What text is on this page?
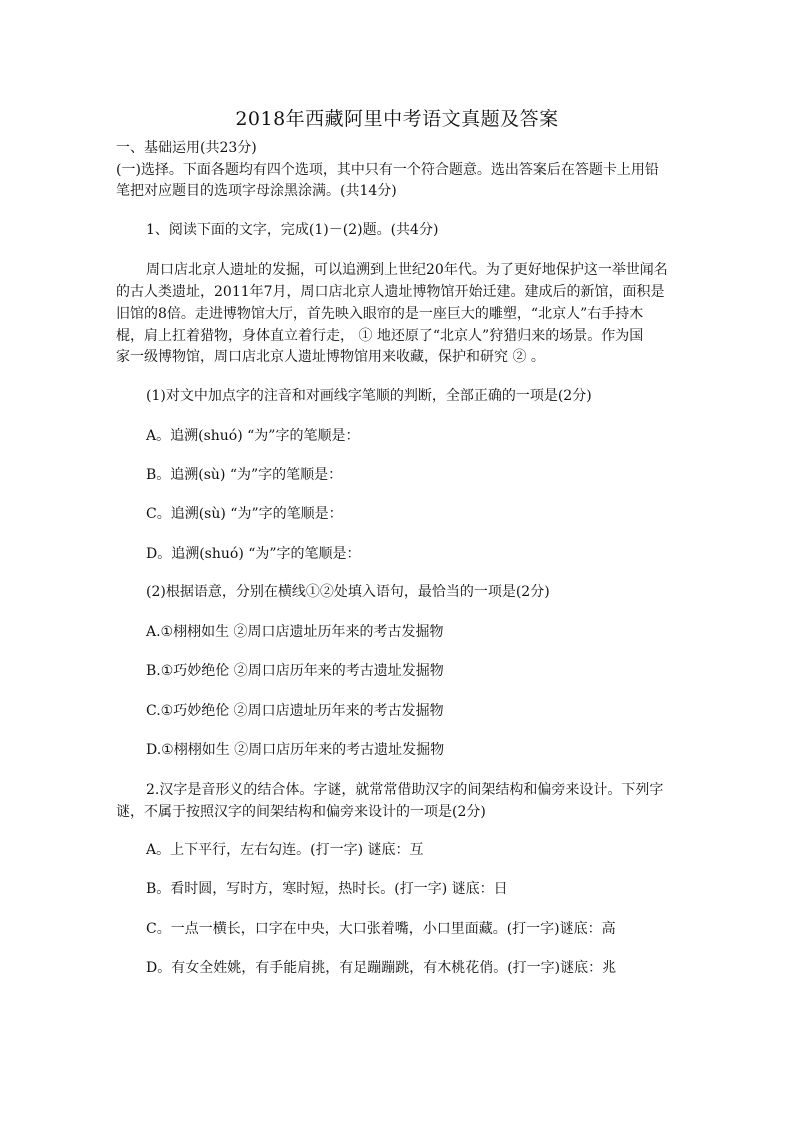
2018年西藏阿里中考语文真题及答案
一、基础运用(共23分)
(一)选择。下面各题均有四个选项，其中只有一个符合题意。选出答案后在答题卡上用铅
笔把对应题目的选项字母涂黑涂满。(共14分)
1、阅读下面的文字，完成(1)－(2)题。(共4分)
周口店北京人遗址的发掘，可以追溯到上世纪20年代。为了更好地保护这一举世闻名
的古人类遗址，2011年7月，周口店北京人遗址博物馆开始迁建。建成后的新馆，面积是
旧馆的8倍。走进博物馆大厅，首先映入眼帘的是一座巨大的雕塑，“北京人”右手持木
棍，肩上扛着猎物，身体直立着行走， ① 地还原了“北京人”狩猎归来的场景。作为国
家一级博物馆，周口店北京人遗址博物馆用来收藏，保护和研究 ② 。
(1)对文中加点字的注音和对画线字笔顺的判断，全部正确的一项是(2分)
A。追溯(shuó) “为”字的笔顺是：
B。追溯(sù) “为”字的笔顺是：
C。追溯(sù) “为”字的笔顺是：
D。追溯(shuó) “为”字的笔顺是：
(2)根据语意，分别在横线①②处填入语句，最恰当的一项是(2分)
A.①栩栩如生 ②周口店遗址历年来的考古发掘物
B.①巧妙绝伦 ②周口店历年来的考古遗址发掘物
C.①巧妙绝伦 ②周口店遗址历年来的考古发掘物
D.①栩栩如生 ②周口店历年来的考古遗址发掘物
2.汉字是音形义的结合体。字谜，就常常借助汉字的间架结构和偏旁来设计。下列字
谜，不属于按照汉字的间架结构和偏旁来设计的一项是(2分)
A。上下平行，左右勾连。(打一字) 谜底：互
B。看时圆，写时方，寒时短，热时长。(打一字) 谜底：日
C。一点一横长，口字在中央，大口张着嘴，小口里面藏。(打一字)谜底：高
D。有女全姓姚，有手能肩挑，有足蹦蹦跳，有木桃花俏。(打一字)谜底：兆
